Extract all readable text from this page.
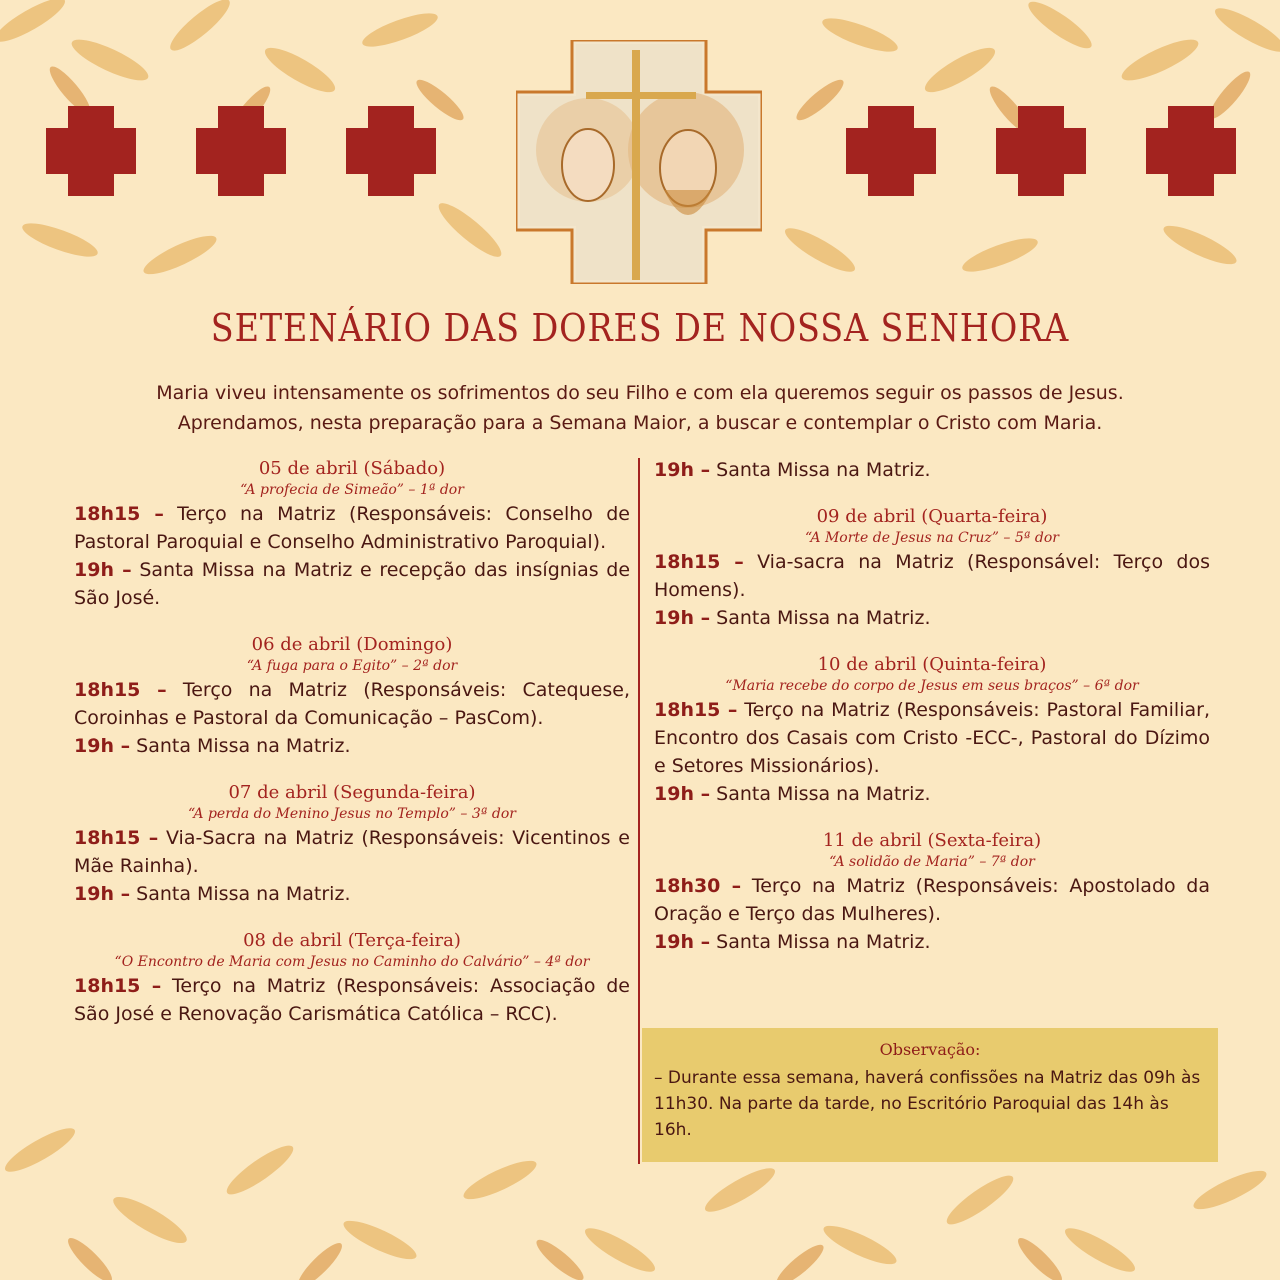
SETENÁRIO DAS DORES DE NOSSA SENHORA
Maria viveu intensamente os sofrimentos do seu Filho e com ela queremos seguir os passos de Jesus.
Aprendamos, nesta preparação para a Semana Maior, a buscar e contemplar o Cristo com Maria.
05 de abril (Sábado)
“A profecia de Simeão” – 1ª dor
18h15 – Terço na Matriz (Responsáveis: Conselho de Pastoral Paroquial e Conselho Administrativo Paroquial).
19h – Santa Missa na Matriz e recepção das insígnias de São José.
06 de abril (Domingo)
“A fuga para o Egito” – 2ª dor
18h15 – Terço na Matriz (Responsáveis: Catequese, Coroinhas e Pastoral da Comunicação – PasCom).
19h – Santa Missa na Matriz.
07 de abril (Segunda-feira)
“A perda do Menino Jesus no Templo” – 3ª dor
18h15 – Via-Sacra na Matriz (Responsáveis: Vicentinos e Mãe Rainha).
19h – Santa Missa na Matriz.
08 de abril (Terça-feira)
“O Encontro de Maria com Jesus no Caminho do Calvário” – 4ª dor
18h15 – Terço na Matriz (Responsáveis: Associação de São José e Renovação Carismática Católica – RCC).
19h – Santa Missa na Matriz.
09 de abril (Quarta-feira)
“A Morte de Jesus na Cruz” – 5ª dor
18h15 – Via-sacra na Matriz (Responsável: Terço dos Homens).
19h – Santa Missa na Matriz.
10 de abril (Quinta-feira)
“Maria recebe do corpo de Jesus em seus braços” – 6ª dor
18h15 – Terço na Matriz (Responsáveis: Pastoral Familiar, Encontro dos Casais com Cristo -ECC-, Pastoral do Dízimo e Setores Missionários).
19h – Santa Missa na Matriz.
11 de abril (Sexta-feira)
“A solidão de Maria” – 7ª dor
18h30 – Terço na Matriz (Responsáveis: Apostolado da Oração e Terço das Mulheres).
19h – Santa Missa na Matriz.
Observação:
– Durante essa semana, haverá confissões na Matriz das 09h às 11h30. Na parte da tarde, no Escritório Paroquial das 14h às 16h.
